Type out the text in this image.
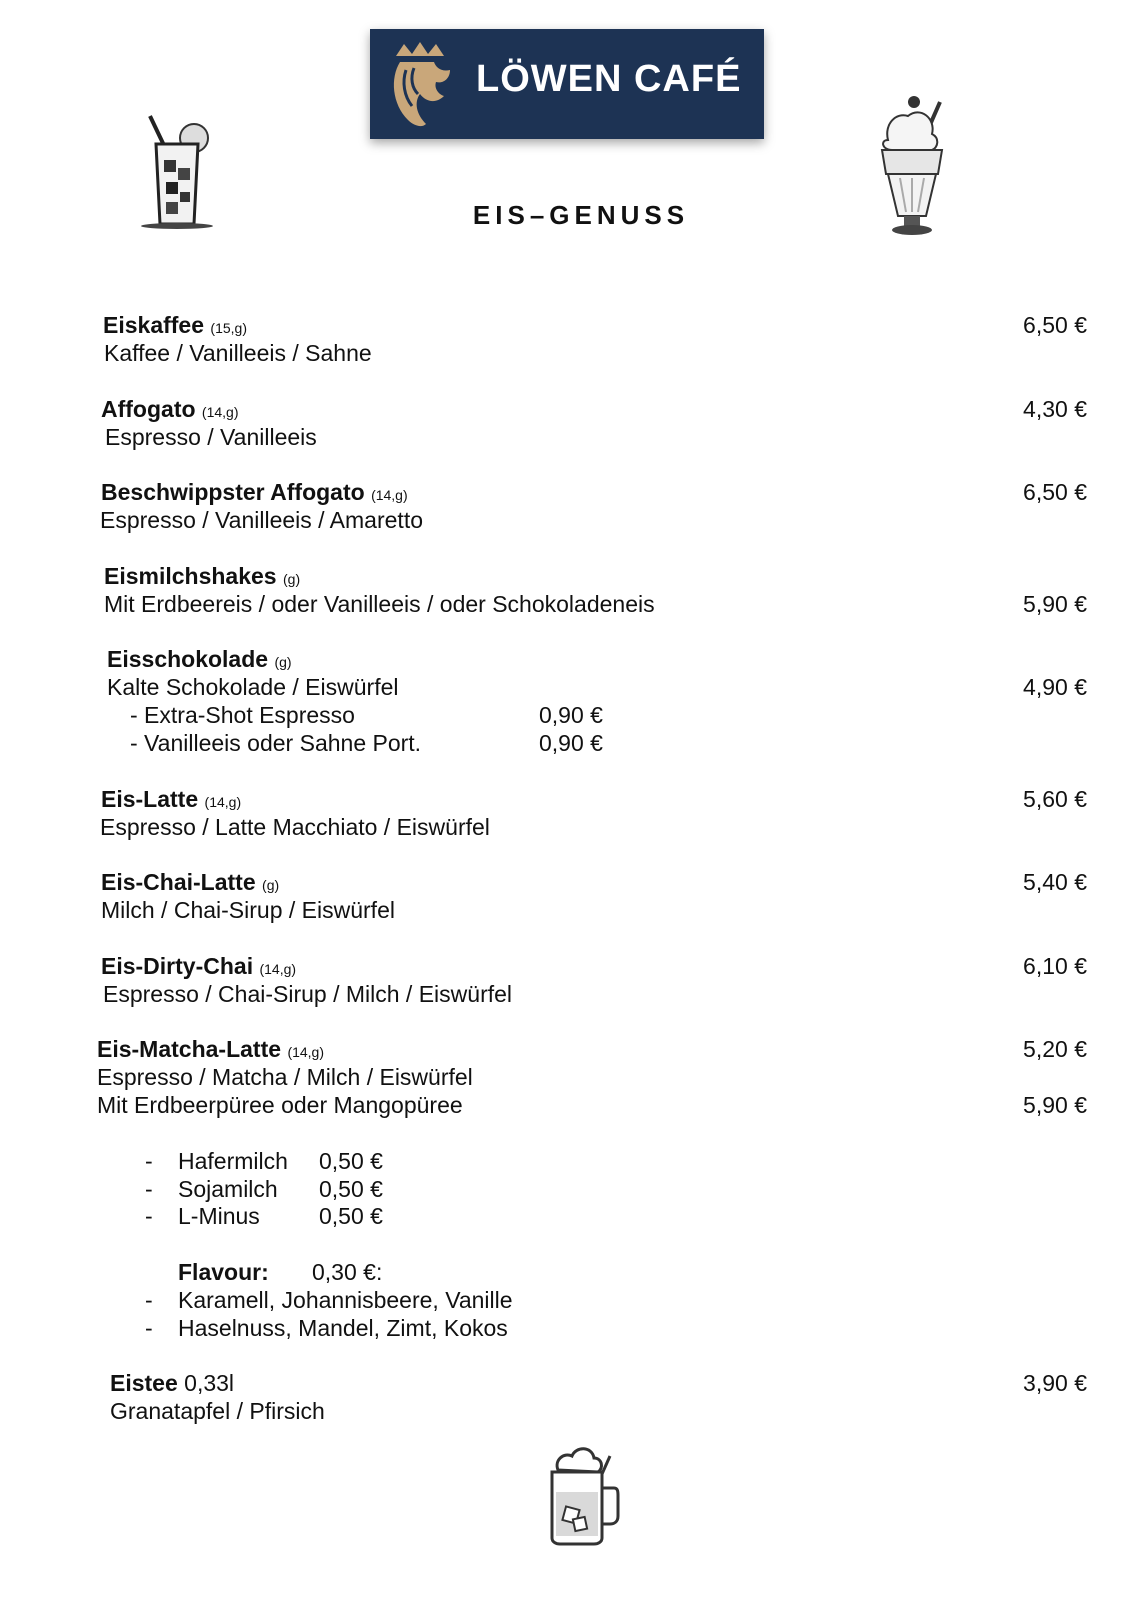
LÖWEN CAFÉ
EIS–GENUSS
Eiskaffee (15,g)
Kaffee / Vanilleeis / Sahne
6,50 €
Affogato (14,g)
Espresso / Vanilleeis
4,30 €
Beschwippster Affogato (14,g)
Espresso / Vanilleeis / Amaretto
6,50 €
Eismilchshakes (g)
Mit Erdbeereis / oder Vanilleeis / oder Schokoladeneis	5,90 €
Eisschokolade (g)
Kalte Schokolade / Eiswürfel	4,90 €
- Extra-Shot Espresso	0,90 €
- Vanilleeis oder Sahne Port.	0,90 €
Eis-Latte (14,g)
Espresso / Latte Macchiato / Eiswürfel
5,60 €
Eis-Chai-Latte (g)
Milch / Chai-Sirup / Eiswürfel
5,40 €
Eis-Dirty-Chai (14,g)
Espresso / Chai-Sirup / Milch / Eiswürfel
6,10 €
Eis-Matcha-Latte (14,g)
Espresso / Matcha / Milch / Eiswürfel
5,20 €
Mit Erdbeerpüree oder Mangopüree	5,90 €
- Hafermilch 0,50 €
- Sojamilch 0,50 €
- L-Minus	0,50 €
Flavour: 0,30 €:
- Karamell, Johannisbeere, Vanille
- Haselnuss, Mandel, Zimt, Kokos
Eistee 0,33l
Granatapfel / Pfirsich
3,90 €
